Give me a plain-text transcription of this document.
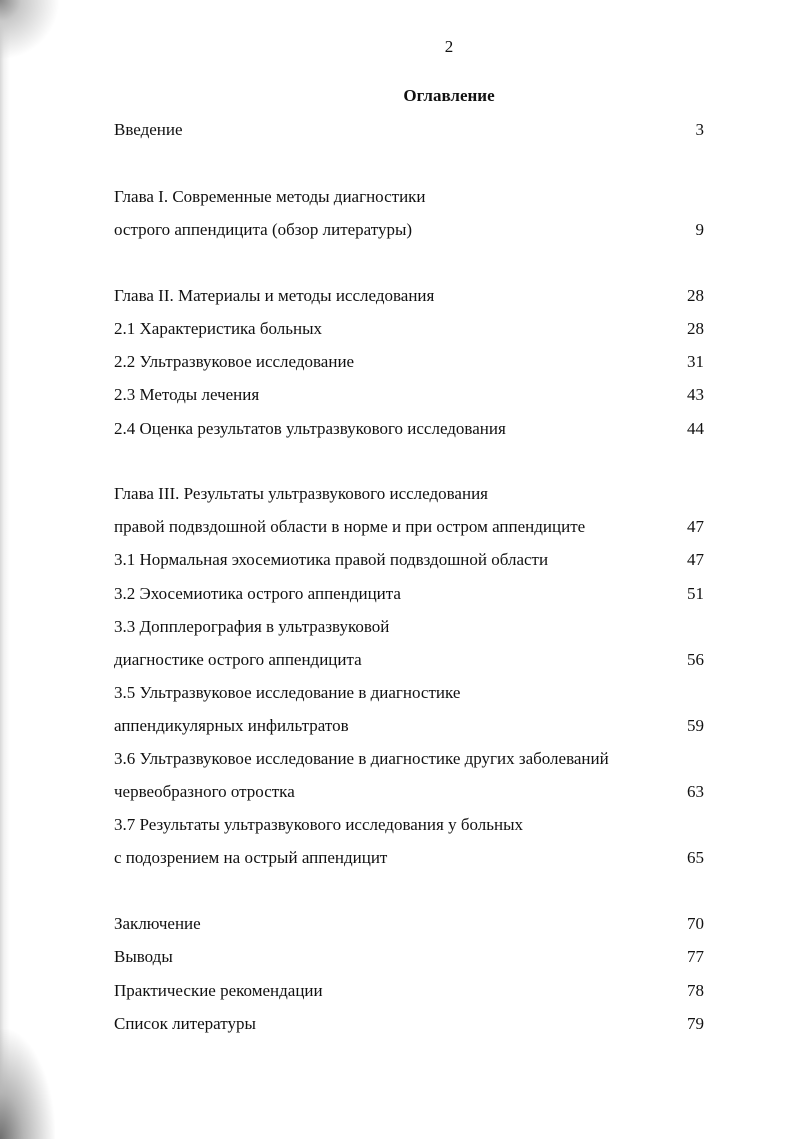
2
Оглавление
Введение	3
Глава I. Современные методы диагностики
острого аппендицита (обзор литературы)	9
Глава II. Материалы и методы исследования	28
2.1 Характеристика больных	28
2.2 Ультразвуковое исследование	31
2.3 Методы лечения	43
2.4 Оценка результатов ультразвукового исследования	44
Глава III. Результаты ультразвукового исследования
правой подвздошной области в норме и при остром аппендиците	47
3.1 Нормальная эхосемиотика правой подвздошной области	47
3.2 Эхосемиотика острого аппендицита	51
3.3 Допплерография в ультразвуковой
диагностике острого аппендицита	56
3.5 Ультразвуковое исследование в диагностике
аппендикулярных инфильтратов	59
3.6 Ультразвуковое исследование в диагностике других заболеваний
червеобразного отростка	63
3.7 Результаты ультразвукового исследования у больных
с подозрением на острый аппендицит	65
Заключение	70
Выводы	77
Практические рекомендации	78
Список литературы	79
